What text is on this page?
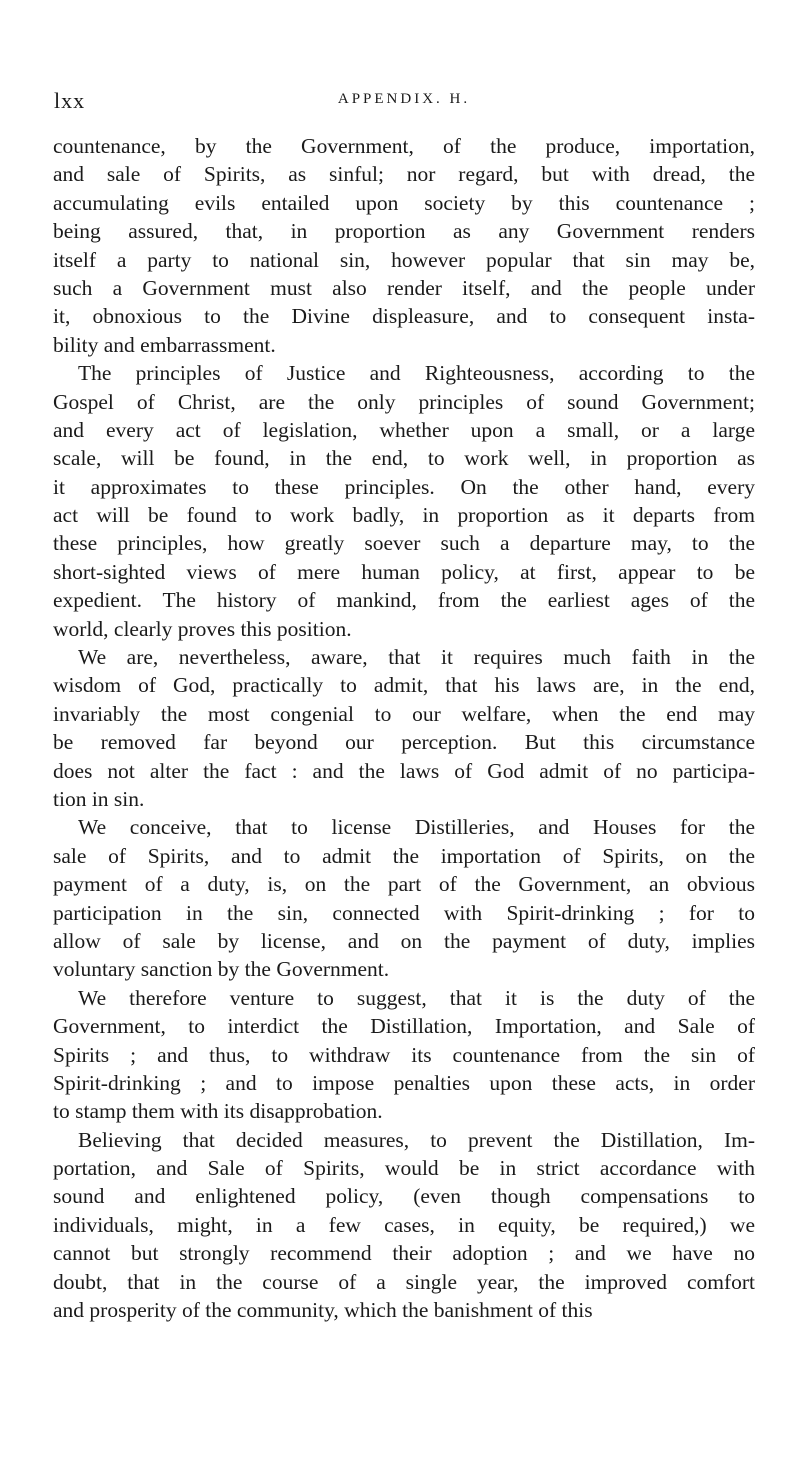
lxx	APPENDIX. H.
countenance, by the Government, of the produce, importation,
and sale of Spirits, as sinful; nor regard, but with dread, the
accumulating evils entailed upon society by this countenance ;
being assured, that, in proportion as any Government renders
itself a party to national sin, however popular that sin may be,
such a Government must also render itself, and the people under
it, obnoxious to the Divine displeasure, and to consequent insta-
bility and embarrassment.
The principles of Justice and Righteousness, according to the
Gospel of Christ, are the only principles of sound Government;
and every act of legislation, whether upon a small, or a large
scale, will be found, in the end, to work well, in proportion as
it approximates to these principles. On the other hand, every
act will be found to work badly, in proportion as it departs from
these principles, how greatly soever such a departure may, to the
short-sighted views of mere human policy, at first, appear to be
expedient. The history of mankind, from the earliest ages of the
world, clearly proves this position.
We are, nevertheless, aware, that it requires much faith in the
wisdom of God, practically to admit, that his laws are, in the end,
invariably the most congenial to our welfare, when the end may
be removed far beyond our perception. But this circumstance
does not alter the fact : and the laws of God admit of no participa-
tion in sin.
We conceive, that to license Distilleries, and Houses for the
sale of Spirits, and to admit the importation of Spirits, on the
payment of a duty, is, on the part of the Government, an obvious
participation in the sin, connected with Spirit-drinking ; for to
allow of sale by license, and on the payment of duty, implies
voluntary sanction by the Government.
We therefore venture to suggest, that it is the duty of the
Government, to interdict the Distillation, Importation, and Sale of
Spirits ; and thus, to withdraw its countenance from the sin of
Spirit-drinking ; and to impose penalties upon these acts, in order
to stamp them with its disapprobation.
Believing that decided measures, to prevent the Distillation, Im-
portation, and Sale of Spirits, would be in strict accordance with
sound and enlightened policy, (even though compensations to
individuals, might, in a few cases, in equity, be required,) we
cannot but strongly recommend their adoption ; and we have no
doubt, that in the course of a single year, the improved comfort
and prosperity of the community, which the banishment of this
